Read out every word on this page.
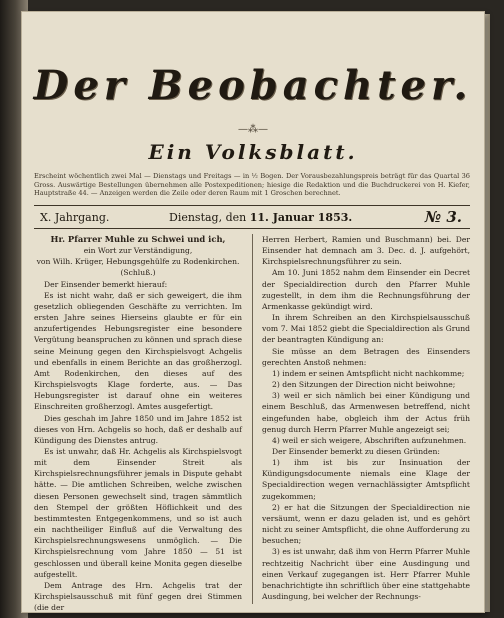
Der Beobachter.
—⁂—
Ein Volksblatt.
Erscheint wöchentlich zwei Mal — Dienstags und Freitags — in ½ Bogen. Der Vorausbezahlungspreis beträgt für das Quartal 36 Gross. Auswärtige Bestellungen übernehmen alle Postexpeditionen; hiesige die Redaktion und die Buchdruckerei von H. Kiefer, Hauptstraße 44. — Anzeigen werden die Zeile oder deren Raum mit 1 Groschen berechnet.
X. Jahrgang.	Dienstag, den 11. Januar 1853.	№ 3.

Hr. Pfarrer Muhle zu Schwei und ich,

ein Wort zur Verständigung,

von Wilh. Krüger, Hebungsgehülfe zu Rodenkirchen.

(Schluß.)

Der Einsender bemerkt hierauf:

Es ist nicht wahr, daß er sich geweigert, die ihm gesetzlich obliegenden Geschäfte zu verrichten. Im ersten Jahre seines Hierseins glaubte er für ein anzufertigendes Hebungsregister eine besondere Vergütung beanspruchen zu können und sprach diese seine Meinung gegen den Kirchspielsvogt Achgelis und ebenfalls in einem Berichte an das großherzogl. Amt Rodenkirchen, den dieses auf des Kirchspielsvogts Klage forderte, aus. — Das Hebungsregister ist darauf ohne ein weiteres Einschreiten großherzogl. Amtes ausgefertigt.

Dies geschah im Jahre 1850 und im Jahre 1852 ist dieses von Hrn. Achgelis so hoch, daß er deshalb auf Kündigung des Dienstes antrug.

Es ist unwahr, daß Hr. Achgelis als Kirchspielsvogt mit dem Einsender Streit als Kirchspielsrechnungsführer jemals in Dispute gehabt hätte. — Die amtlichen Schreiben, welche zwischen diesen Personen gewechselt sind, tragen sämmtlich den Stempel der größten Höflichkeit und des bestimmtesten Entgegenkommens, und so ist auch ein nachtheiliger Einfluß auf die Verwaltung des Kirchspielsrechnungswesens unmöglich. — Die Kirchspielsrechnung vom Jahre 1850 — 51 ist geschlossen und überall keine Monita gegen dieselbe aufgestellt.

Dem Antrage des Hrn. Achgelis trat der Kirchspielsausschuß mit fünf gegen drei Stimmen (die der

Herren Herbert, Ramien und Buschmann) bei. Der Einsender hat demnach am 3. Dec. d. J. aufgehört, Kirchspielsrechnungsführer zu sein.

Am 10. Juni 1852 nahm dem Einsender ein Decret der Specialdirection durch den Pfarrer Muhle zugestellt, in dem ihm die Rechnungsführung der Armenkasse gekündigt wird.

In ihrem Schreiben an den Kirchspielsausschuß vom 7. Mai 1852 giebt die Specialdirection als Grund der beantragten Kündigung an:

Sie müsse an dem Betragen des Einsenders gerechten Anstoß nehmen:

1) indem er seinen Amtspflicht nicht nachkomme;

2) den Sitzungen der Direction nicht beiwohne;

3) weil er sich nämlich bei einer Kündigung und einem Beschluß, das Armenwesen betreffend, nicht eingefunden habe, obgleich ihm der Actus früh genug durch Herrn Pfarrer Muhle angezeigt sei;

4) weil er sich weigere, Abschriften aufzunehmen.

Der Einsender bemerkt zu diesen Gründen:

1) ihm ist bis zur Insinuation der Kündigungsdocumente niemals eine Klage der Specialdirection wegen vernachlässigter Amtspflicht zugekommen;

2) er hat die Sitzungen der Specialdirection nie versäumt, wenn er dazu geladen ist, und es gehört nicht zu seiner Amtspflicht, die ohne Aufforderung zu besuchen;

3) es ist unwahr, daß ihm von Herrn Pfarrer Muhle rechtzeitig Nachricht über eine Ausdingung und einen Verkauf zugegangen ist. Herr Pfarrer Muhle benachrichtigte ihn schriftlich über eine stattgehabte Ausdingung, bei welcher der Rechnungs-
